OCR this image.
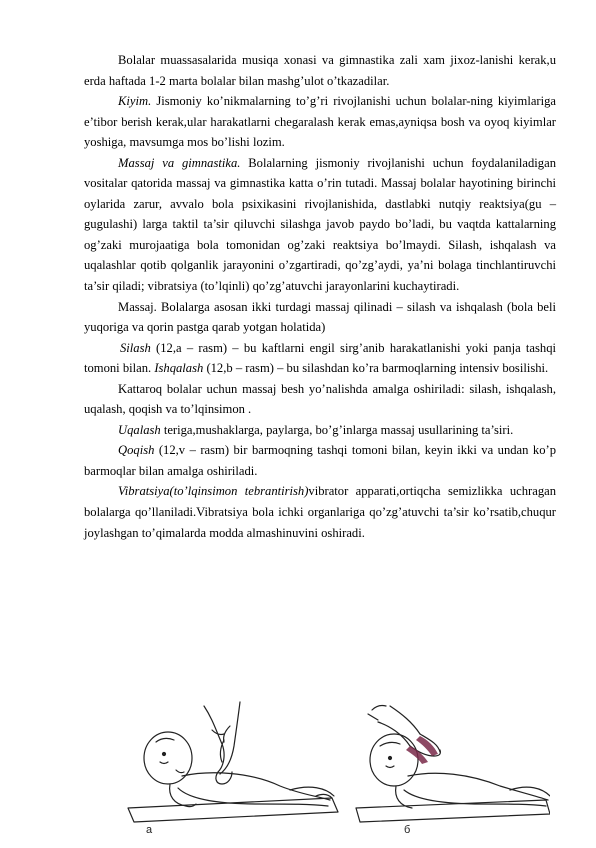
Bolalar muassasalarida musiqa xonasi va gimnastika zali xam jixoz-lanishi kerak,u erda haftada 1-2 marta bolalar bilan mashg’ulot o’tkazadilar.

Kiyim. Jismoniy ko’nikmalarning to’g’ri rivojlanishi uchun bolalar-ning kiyimlariga e’tibor berish kerak,ular harakatlarni chegaralash kerak emas,ayniqsa bosh va oyoq kiyimlar yoshiga, mavsumga mos bo’lishi lozim.

Massaj va gimnastika. Bolalarning jismoniy rivojlanishi uchun foydalaniladigan vositalar qatorida massaj va gimnastika katta o’rin tutadi. Massaj bolalar hayotining birinchi oylarida zarur, avvalo bola psixikasini rivojlanishida, dastlabki nutqiy reaktsiya(gu – gugulashi) larga taktil ta’sir qiluvchi silashga javob paydo bo’ladi, bu vaqtda kattalarning og’zaki murojaatiga bola tomonidan og’zaki reaktsiya bo’lmaydi. Silash, ishqalash va uqalashlar qotib qolganlik jarayonini o’zgartiradi, qo’zg’aydi, ya’ni bolaga tinchlantiruvchi ta’sir qiladi; vibratsiya (to’lqinli) qo’zg’atuvchi jarayonlarini kuchaytiradi.

Massaj. Bolalarga asosan ikki turdagi massaj qilinadi – silash va ishqalash (bola beli yuqoriga va qorin pastga qarab yotgan holatida)

Silash (12,a – rasm) – bu kaftlarni engil sirg’anib harakatlanishi yoki panja tashqi tomoni bilan. Ishqalash (12,b – rasm) – bu silashdan ko’ra barmoqlarning intensiv bosilishi.

Kattaroq bolalar uchun massaj besh yo’nalishda amalga oshiriladi: silash, ishqalash, uqalash, qoqish va to’lqinsimon .

Uqalash teriga,mushaklarga, paylarga, bo’g’inlarga massaj usullarining ta’siri.

Qoqish (12,v – rasm) bir barmoqning tashqi tomoni bilan, keyin ikki va undan ko’p barmoqlar bilan amalga oshiriladi.

Vibratsiya(to’lqinsimon tebrantirish)vibrator apparati,ortiqcha semizlikka uchragan bolalarga qo’llaniladi.Vibratsiya bola ichki organlariga qo’zg’atuvchi ta’sir ko’rsatib,chuqur joylashgan to’qimalarda modda almashinuvini oshiradi.

a	б
